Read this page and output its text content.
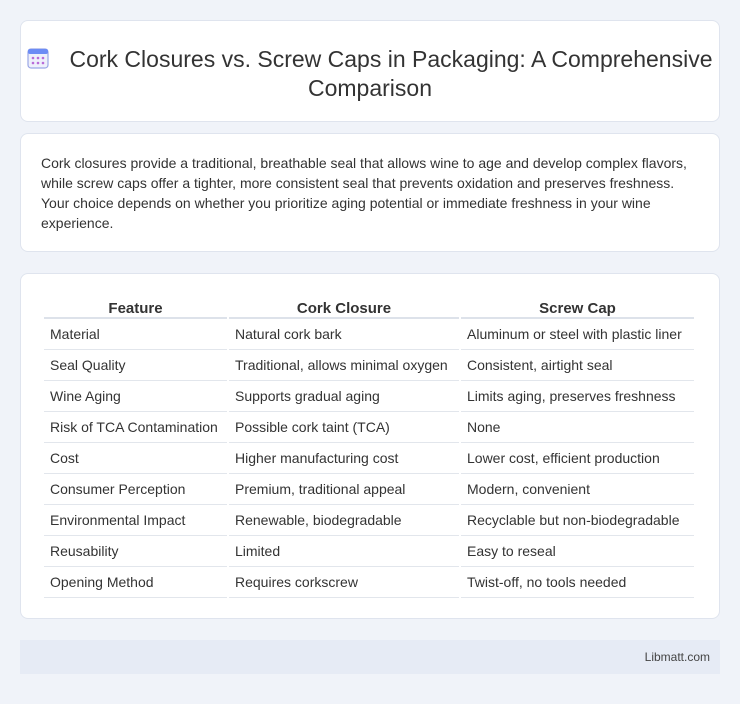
Cork Closures vs. Screw Caps in Packaging: A Comprehensive Comparison

Cork closures provide a traditional, breathable seal that allows wine to age and develop complex flavors, while screw caps offer a tighter, more consistent seal that prevents oxidation and preserves freshness. Your choice depends on whether you prioritize aging potential or immediate freshness in your wine experience.

Feature	Cork Closure	Screw Cap
Material	Natural cork bark	Aluminum or steel with plastic liner
Seal Quality	Traditional, allows minimal oxygen	Consistent, airtight seal
Wine Aging	Supports gradual aging	Limits aging, preserves freshness
Risk of TCA Contamination	Possible cork taint (TCA)	None
Cost	Higher manufacturing cost	Lower cost, efficient production
Consumer Perception	Premium, traditional appeal	Modern, convenient
Environmental Impact	Renewable, biodegradable	Recyclable but non-biodegradable
Reusability	Limited	Easy to reseal
Opening Method	Requires corkscrew	Twist-off, no tools needed
Libmatt.com
